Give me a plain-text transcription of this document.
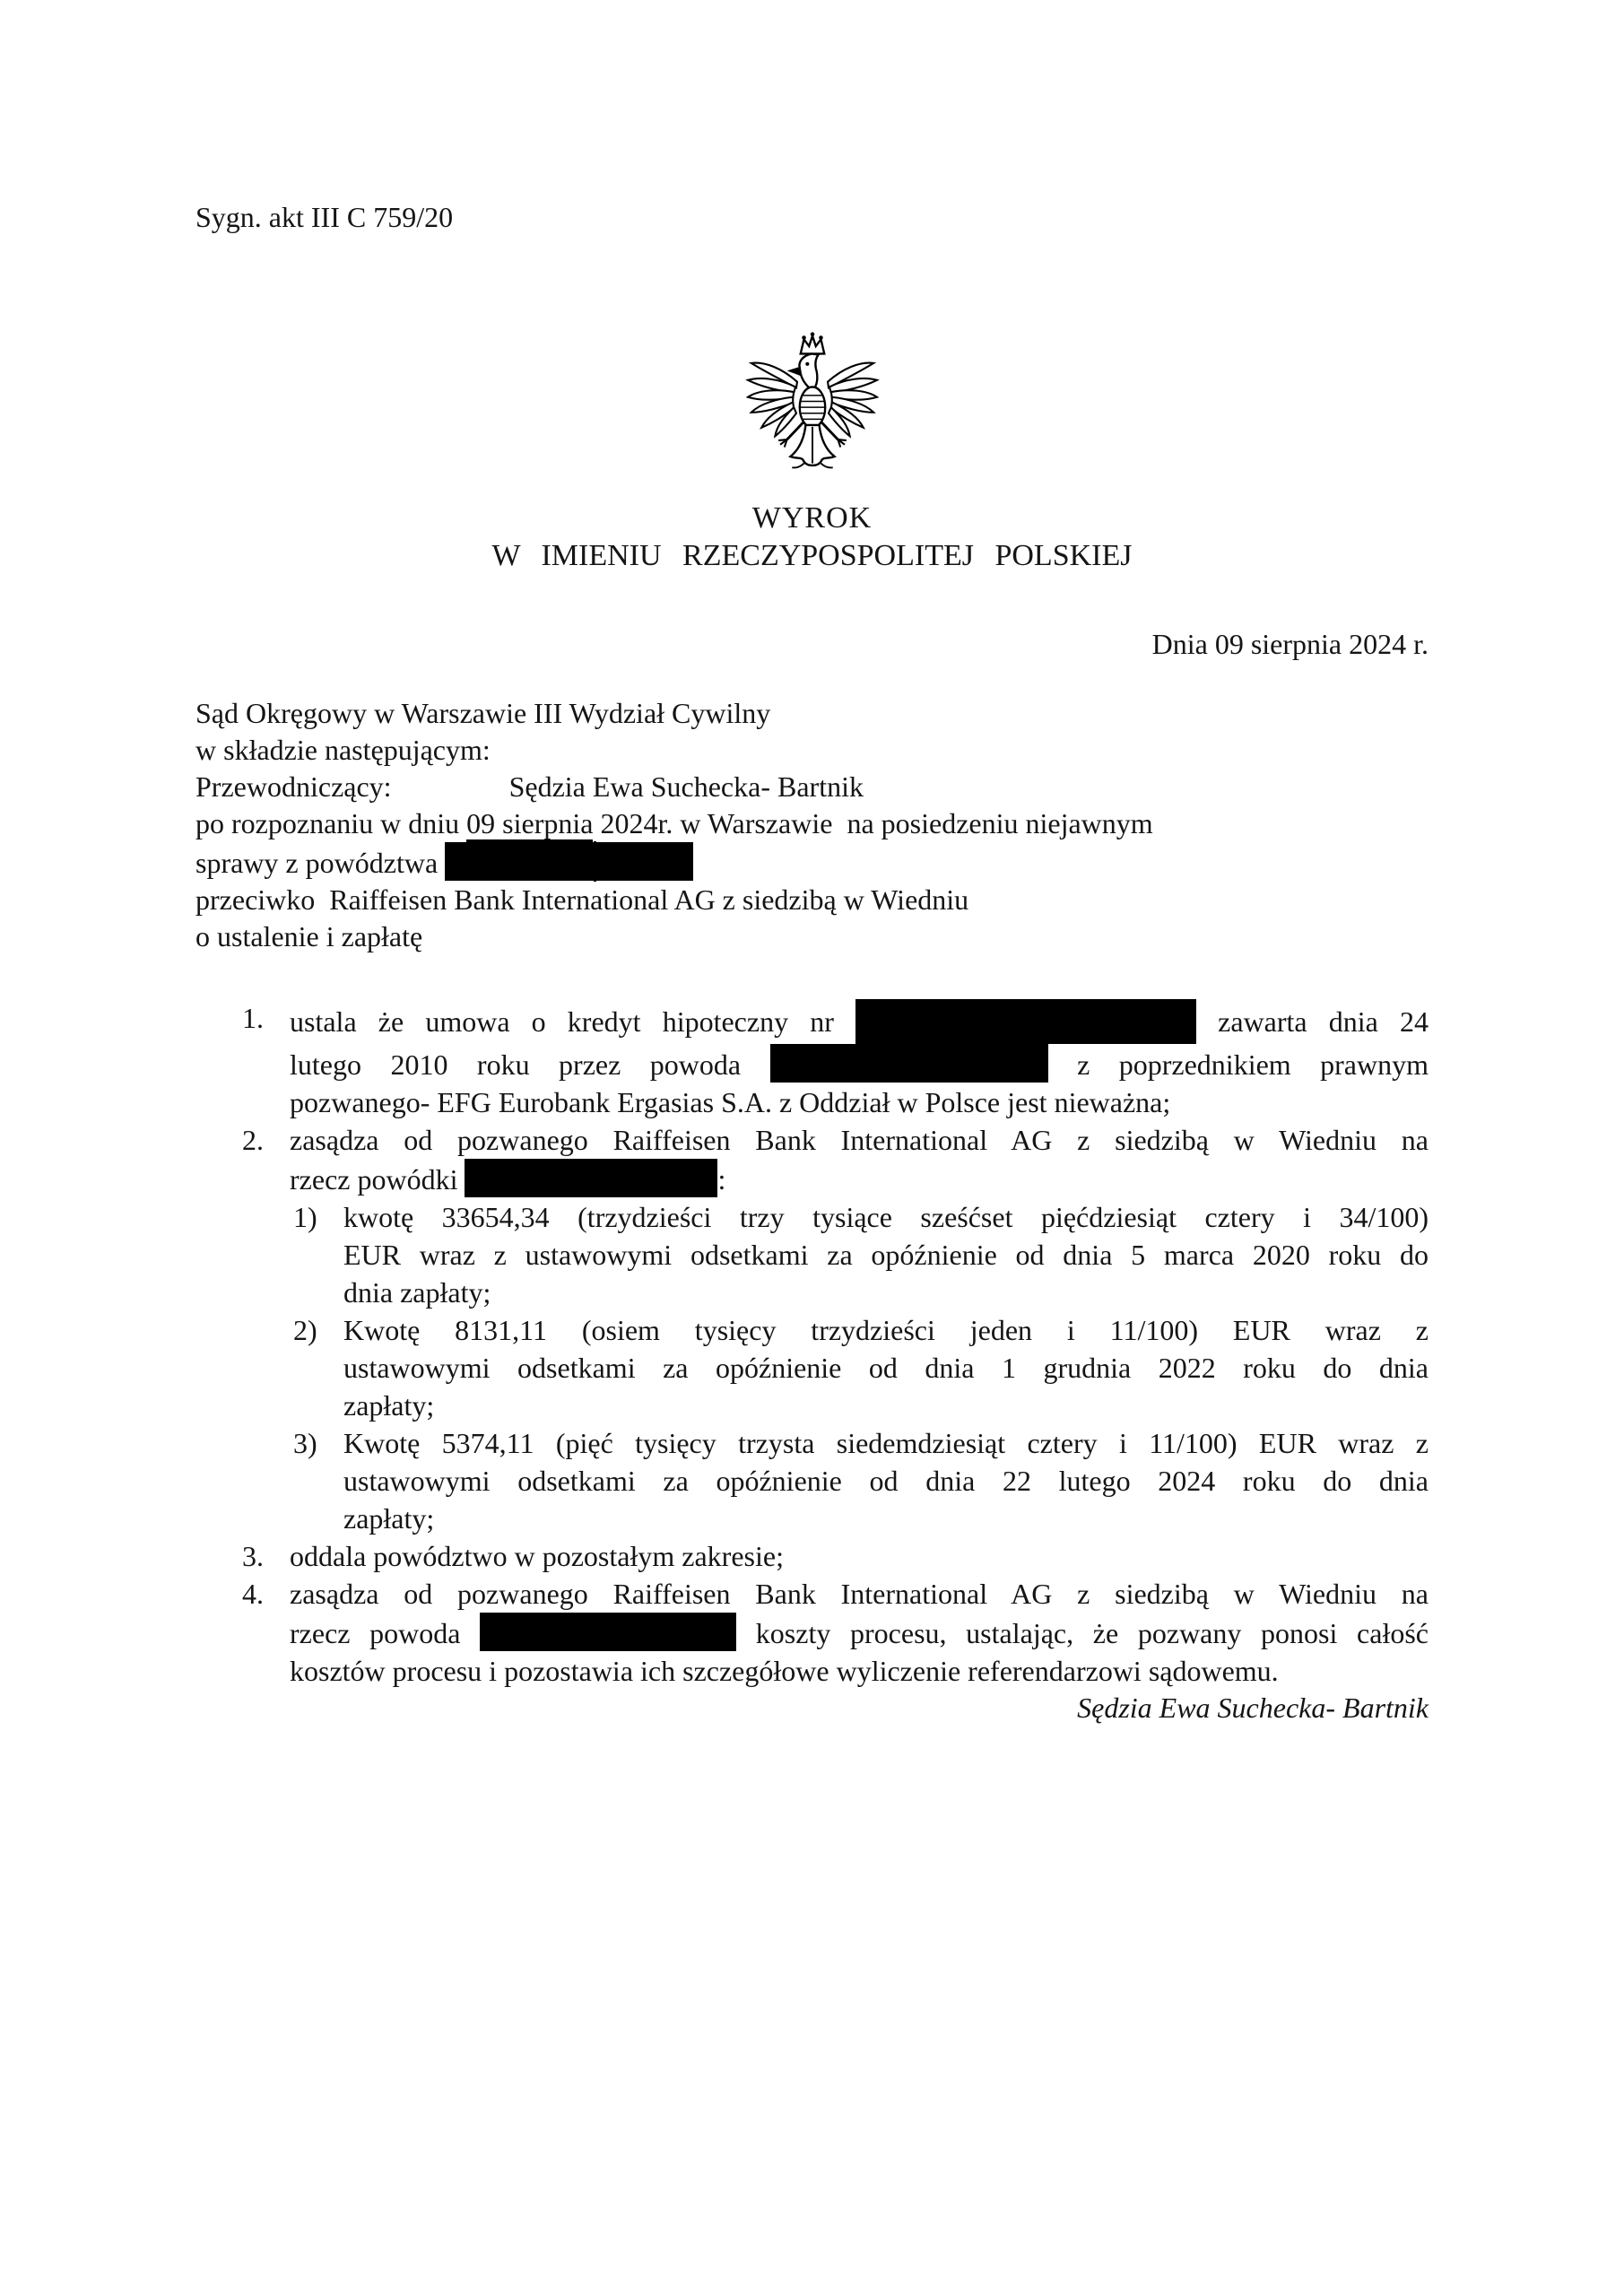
Sygn. akt III C 759/20
WYROK
W IMIENIU RZECZYPOSPOLITEJ POLSKIEJ
Dnia 09 sierpnia 2024 r.
Sąd Okręgowy w Warszawie III Wydział Cywilny
w składzie następującym:
Przewodniczący:	Sędzia Ewa Suchecka- Bartnik
po rozpoznaniu w dniu 09 sierpnia 2024r. w Warszawie  na posiedzeniu niejawnym
sprawy z powództwa
przeciwko  Raiffeisen Bank International AG z siedzibą w Wiedniu
o ustalenie i zapłatę
1. ustala że umowa o kredyt hipoteczny nr	zawarta dnia 24
lutego 2010 roku przez powoda	z poprzednikiem prawnym
pozwanego- EFG Eurobank Ergasias S.A. z Oddział w Polsce jest nieważna;
2. zasądza od pozwanego Raiffeisen Bank International AG z siedzibą w Wiedniu na
rzecz powódki	:
1) kwotę 33654,34 (trzydzieści trzy tysiące sześćset pięćdziesiąt cztery i 34/100)
EUR wraz z ustawowymi odsetkami za opóźnienie od dnia 5 marca 2020 roku do
dnia zapłaty;
2) Kwotę 8131,11 (osiem tysięcy trzydzieści jeden i 11/100) EUR wraz z
ustawowymi odsetkami za opóźnienie od dnia 1 grudnia 2022 roku do dnia
zapłaty;
3) Kwotę 5374,11 (pięć tysięcy trzysta siedemdziesiąt cztery i 11/100) EUR wraz z
ustawowymi odsetkami za opóźnienie od dnia 22 lutego 2024 roku do dnia
zapłaty;
3. oddala powództwo w pozostałym zakresie;
4. zasądza od pozwanego Raiffeisen Bank International AG z siedzibą w Wiedniu na
rzecz powoda	koszty procesu, ustalając, że pozwany ponosi całość
kosztów procesu i pozostawia ich szczegółowe wyliczenie referendarzowi sądowemu.
Sędzia Ewa Suchecka- Bartnik
